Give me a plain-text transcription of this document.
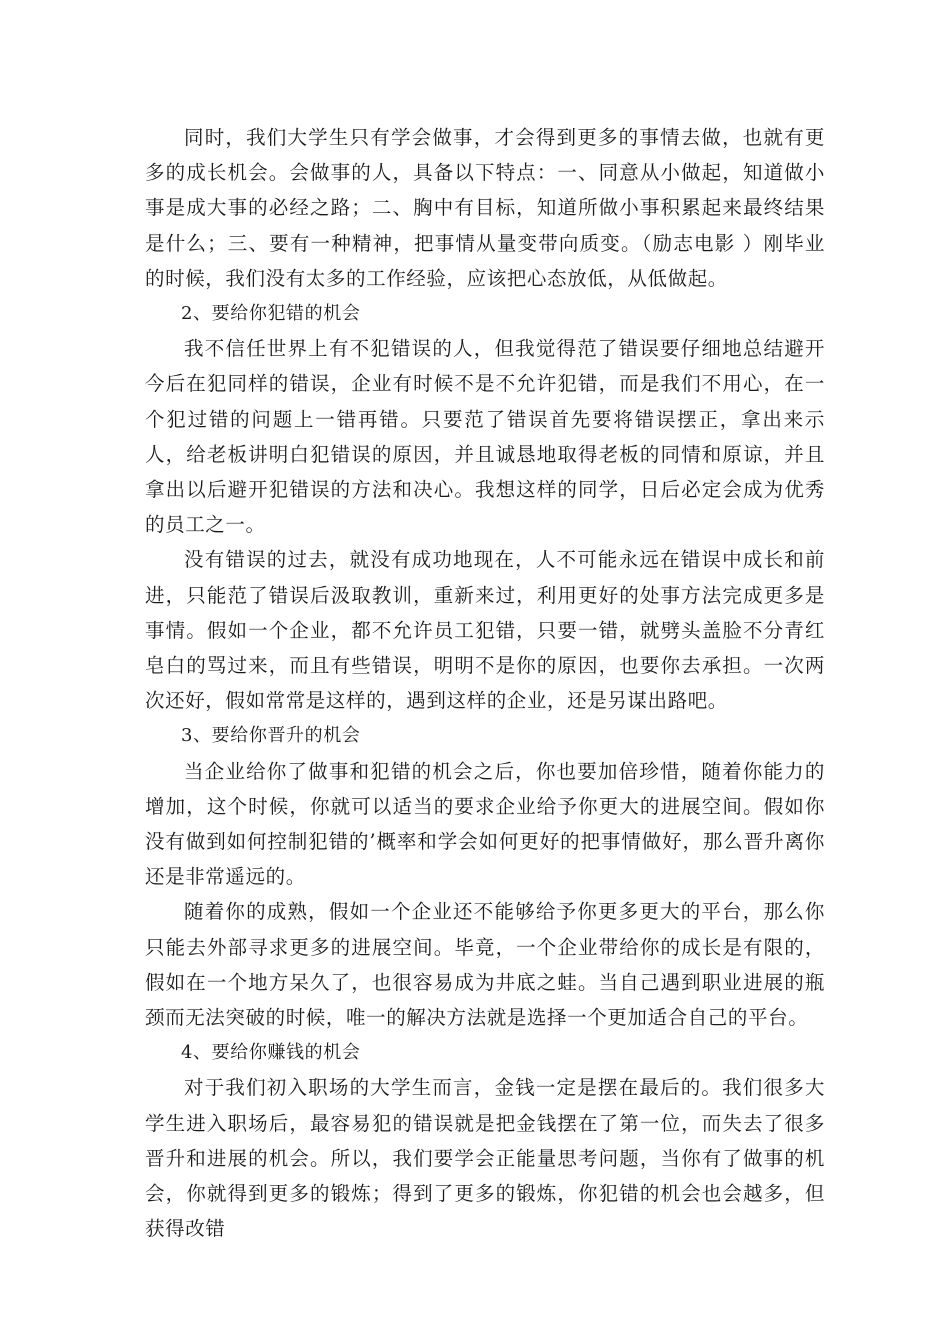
同时，我们大学生只有学会做事，才会得到更多的事情去做，也就有更多的成长机会。会做事的人，具备以下特点：一、同意从小做起，知道做小事是成大事的必经之路；二、胸中有目标，知道所做小事积累起来最终结果是什么；三、要有一种精神，把事情从量变带向质变。（励志电影 ）刚毕业的时候，我们没有太多的工作经验，应该把心态放低，从低做起。

2、要给你犯错的机会

我不信任世界上有不犯错误的人，但我觉得范了错误要仔细地总结避开今后在犯同样的错误，企业有时候不是不允许犯错，而是我们不用心，在一个犯过错的问题上一错再错。只要范了错误首先要将错误摆正，拿出来示人，给老板讲明白犯错误的原因，并且诚恳地取得老板的同情和原谅，并且拿出以后避开犯错误的方法和决心。我想这样的同学，日后必定会成为优秀的员工之一。

没有错误的过去，就没有成功地现在，人不可能永远在错误中成长和前进，只能范了错误后汲取教训，重新来过，利用更好的处事方法完成更多是事情。假如一个企业，都不允许员工犯错，只要一错，就劈头盖脸不分青红皂白的骂过来，而且有些错误，明明不是你的原因，也要你去承担。一次两次还好，假如常常是这样的，遇到这样的企业，还是另谋出路吧。

3、要给你晋升的机会

当企业给你了做事和犯错的机会之后，你也要加倍珍惜，随着你能力的增加，这个时候，你就可以适当的要求企业给予你更大的进展空间。假如你没有做到如何控制犯错的’概率和学会如何更好的把事情做好，那么晋升离你还是非常遥远的。

随着你的成熟，假如一个企业还不能够给予你更多更大的平台，那么你只能去外部寻求更多的进展空间。毕竟，一个企业带给你的成长是有限的，假如在一个地方呆久了，也很容易成为井底之蛙。当自己遇到职业进展的瓶颈而无法突破的时候，唯一的解决方法就是选择一个更加适合自己的平台。

4、要给你赚钱的机会

对于我们初入职场的大学生而言，金钱一定是摆在最后的。我们很多大学生进入职场后，最容易犯的错误就是把金钱摆在了第一位，而失去了很多晋升和进展的机会。所以，我们要学会正能量思考问题，当你有了做事的机会，你就得到更多的锻炼；得到了更多的锻炼，你犯错的机会也会越多，但获得改错
